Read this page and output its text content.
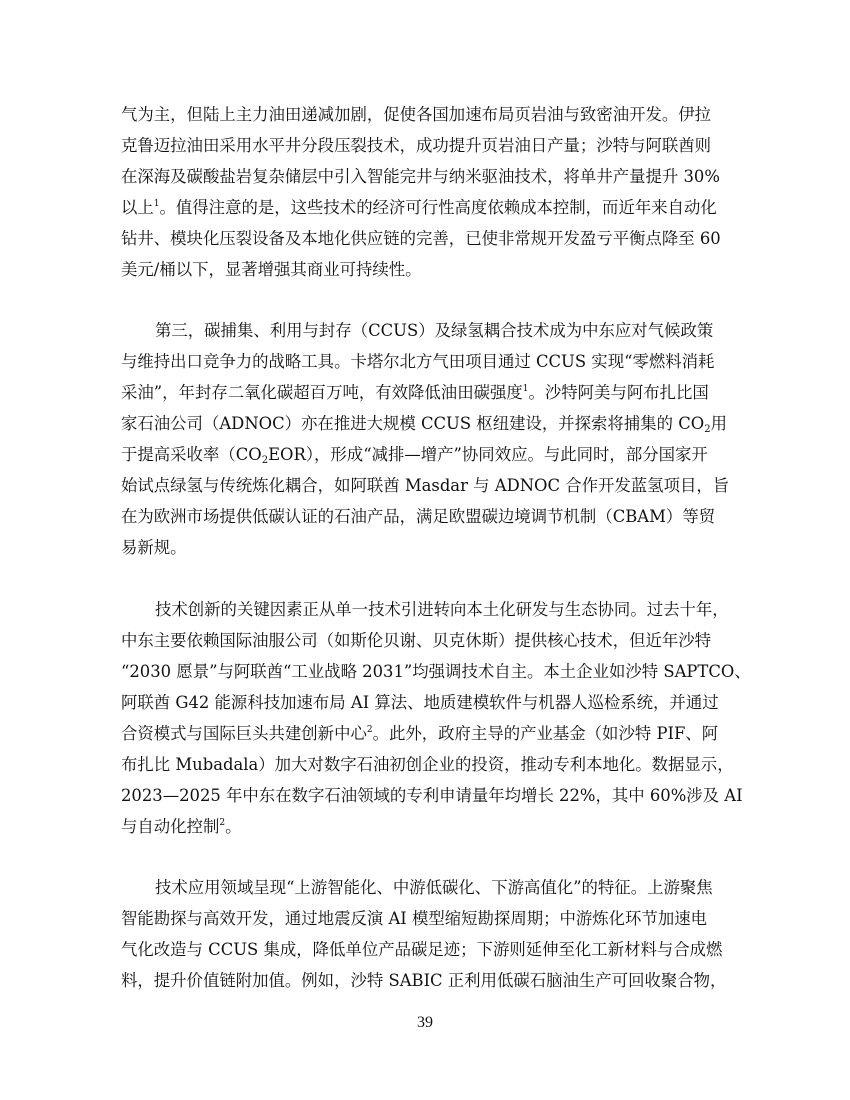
气为主，但陆上主力油田递减加剧，促使各国加速布局页岩油与致密油开发。伊拉
克鲁迈拉油田采用水平井分段压裂技术，成功提升页岩油日产量；沙特与阿联酋则
在深海及碳酸盐岩复杂储层中引入智能完井与纳米驱油技术，将单井产量提升 30%
以上$^1$。值得注意的是，这些技术的经济可行性高度依赖成本控制，而近年来自动化
钻井、模块化压裂设备及本地化供应链的完善，已使非常规开发盈亏平衡点降至 60
美元/桶以下，显著增强其商业可持续性。
第三，碳捕集、利用与封存（CCUS）及绿氢耦合技术成为中东应对气候政策
与维持出口竞争力的战略工具。卡塔尔北方气田项目通过 CCUS 实现“零燃料消耗
采油”，年封存二氧化碳超百万吨，有效降低油田碳强度$^1$。沙特阿美与阿布扎比国
家石油公司（ADNOC）亦在推进大规模 CCUS 枢纽建设，并探索将捕集的 $CO_2$用
于提高采收率$(CO_2EOR)$，形成“减排—增产”协同效应。与此同时，部分国家开
始试点绿氢与传统炼化耦合，如阿联酋 Masdar 与 ADNOC 合作开发蓝氢项目，旨
在为欧洲市场提供低碳认证的石油产品，满足欧盟碳边境调节机制（CBAM）等贸
易新规。
技术创新的关键因素正从单一技术引进转向本土化研发与生态协同。过去十年，
中东主要依赖国际油服公司（如斯伦贝谢、贝克休斯）提供核心技术，但近年沙特
“2030 愿景”与阿联酋“工业战略 2031”均强调技术自主。本土企业如沙特 SAPTCO、
阿联酋 G42 能源科技加速布局 AI 算法、地质建模软件与机器人巡检系统，并通过
合资模式与国际巨头共建创新中心$^2$。此外，政府主导的产业基金（如沙特 PIF、阿
布扎比 Mubadala）加大对数字石油初创企业的投资，推动专利本地化。数据显示，
2023—2025 年中东在数字石油领域的专利申请量年均增长 22%，其中 60%涉及 AI
与自动化控制$^2$。
技术应用领域呈现“上游智能化、中游低碳化、下游高值化”的特征。上游聚焦
智能勘探与高效开发，通过地震反演 AI 模型缩短勘探周期；中游炼化环节加速电
气化改造与 CCUS 集成，降低单位产品碳足迹；下游则延伸至化工新材料与合成燃
料，提升价值链附加值。例如，沙特 SABIC 正利用低碳石脑油生产可回收聚合物，
39
